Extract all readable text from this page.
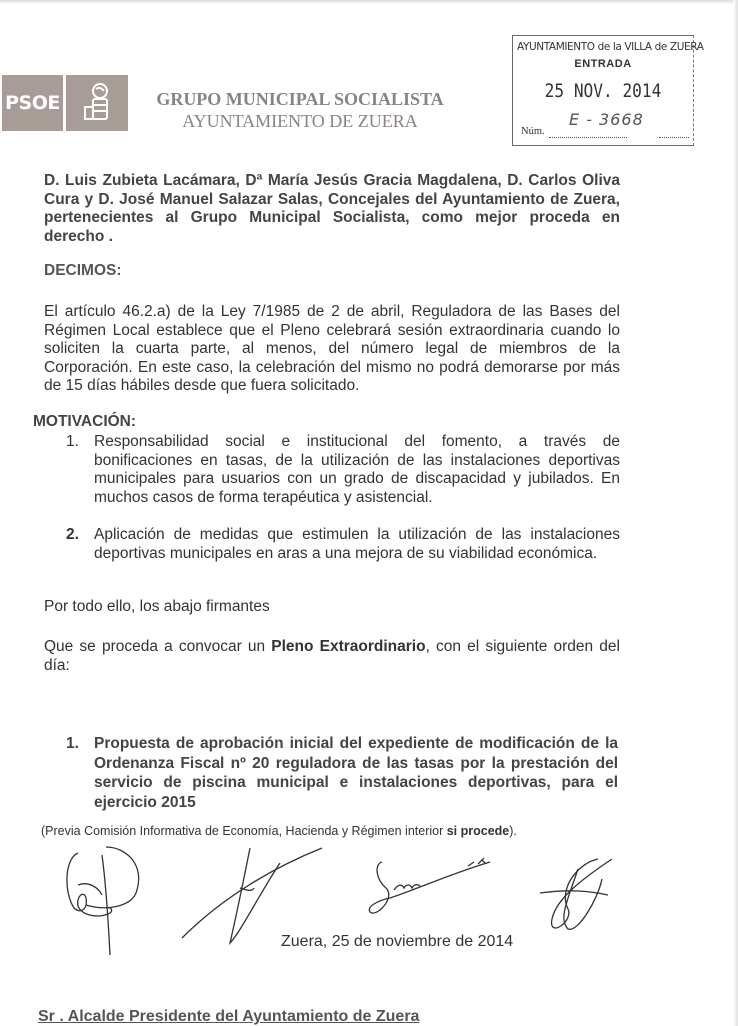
PSOE	GRUPO MUNICIPAL SOCIALISTA
AYUNTAMIENTO DE ZUERA
AYUNTAMIENTO de la VILLA de ZUERA
ENTRADA
25 NOV. 2014
E - 3668
Núm.
D. Luis Zubieta Lacámara, Dª María Jesús Gracia Magdalena, D. Carlos Oliva Cura y D. José Manuel Salazar Salas, Concejales del Ayuntamiento de Zuera, pertenecientes al Grupo Municipal Socialista, como mejor proceda en derecho .
DECIMOS:
El artículo 46.2.a) de la Ley 7/1985 de 2 de abril, Reguladora de las Bases del Régimen Local establece que el Pleno celebrará sesión extraordinaria cuando lo soliciten la cuarta parte, al menos, del número legal de miembros de la Corporación. En este caso, la celebración del mismo no podrá demorarse por más de 15 días hábiles desde que fuera solicitado.
MOTIVACIÓN:
1. Responsabilidad social e institucional del fomento, a través de bonificaciones en tasas, de la utilización de las instalaciones deportivas municipales para usuarios con un grado de discapacidad y jubilados. En muchos casos de forma terapéutica y asistencial.
2. Aplicación de medidas que estimulen la utilización de las instalaciones deportivas municipales en aras a una mejora de su viabilidad económica.
Por todo ello, los abajo firmantes
Que se proceda a convocar un Pleno Extraordinario, con el siguiente orden del día:
1. Propuesta de aprobación inicial del expediente de modificación de la Ordenanza Fiscal nº 20 reguladora de las tasas por la prestación del servicio de piscina municipal e instalaciones deportivas, para el ejercicio 2015
(Previa Comisión Informativa de Economía, Hacienda y Régimen interior si procede).
Zuera, 25 de noviembre de 2014
Sr . Alcalde Presidente del Ayuntamiento de Zuera
